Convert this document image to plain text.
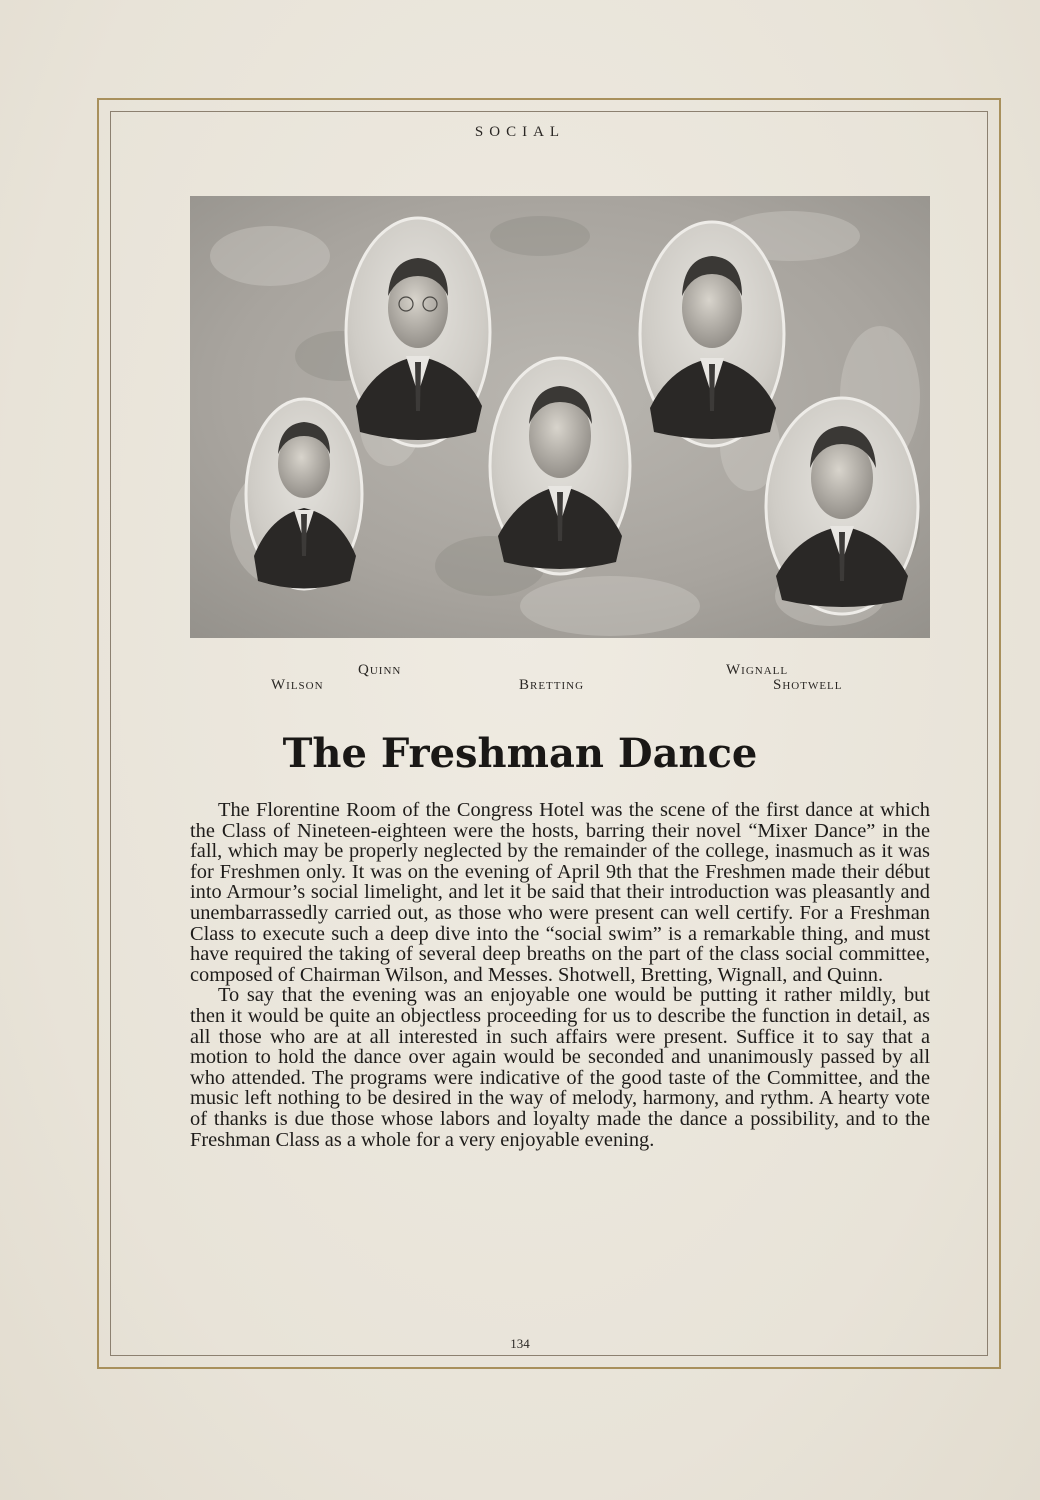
SOCIAL
Quinn	Wignall
Wilson	Bretting	Shotwell
The Freshman Dance

The Florentine Room of the Congress Hotel was the scene of the first dance at which the Class of Nineteen-eighteen were the hosts, barring their novel “Mixer Dance” in the fall, which may be properly neglected by the remainder of the college, inasmuch as it was for Freshmen only. It was on the evening of April 9th that the Freshmen made their début into Armour’s social limelight, and let it be said that their introduction was pleasantly and unembarrassedly carried out, as those who were present can well certify. For a Freshman Class to execute such a deep dive into the “social swim” is a remarkable thing, and must have required the taking of several deep breaths on the part of the class social committee, composed of Chairman Wilson, and Messes. Shotwell, Bretting, Wignall, and Quinn.

To say that the evening was an enjoyable one would be putting it rather mildly, but then it would be quite an objectless proceeding for us to describe the function in detail, as all those who are at all interested in such affairs were present. Suffice it to say that a motion to hold the dance over again would be seconded and unanimously passed by all who attended. The programs were indicative of the good taste of the Committee, and the music left nothing to be desired in the way of melody, harmony, and rythm. A hearty vote of thanks is due those whose labors and loyalty made the dance a possibility, and to the Freshman Class as a whole for a very enjoyable evening.

134
